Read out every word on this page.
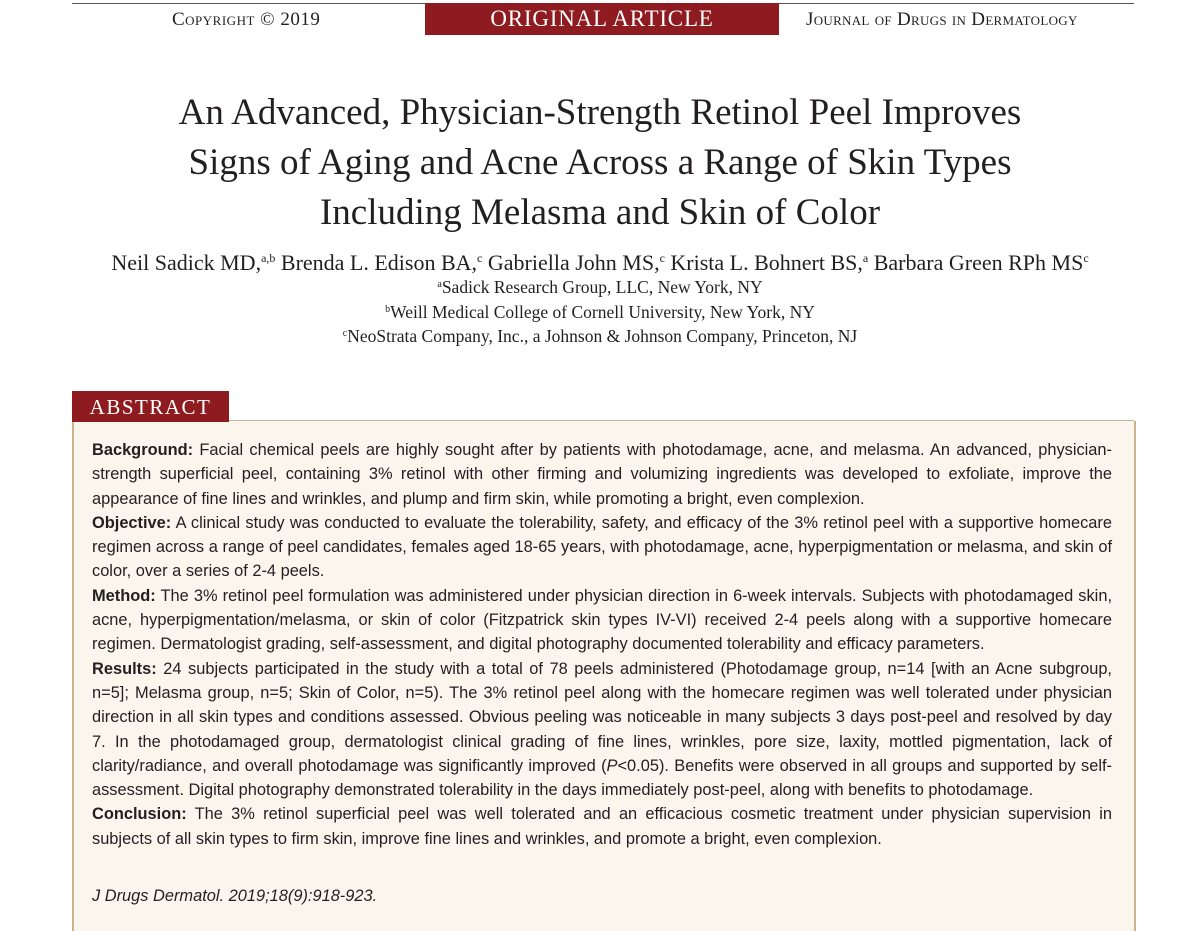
Copyright © 2019	ORIGINAL ARTICLE	Journal of Drugs in Dermatology
An Advanced, Physician-Strength Retinol Peel Improves
Signs of Aging and Acne Across a Range of Skin Types
Including Melasma and Skin of Color
Neil Sadick MD,$^{a,b}$ Brenda L. Edison BA,$^c$ Gabriella John MS,$^c$ Krista L. Bohnert BS,$^a$ Barbara Green RPh $MS^c$
$^a$Sadick Research Group, LLC, New York, NY
$^b$Weill Medical College of Cornell University, New York, NY
$^c$NeoStrata Company, Inc., a Johnson & Johnson Company, Princeton, NJ
ABSTRACT

Background: Facial chemical peels are highly sought after by patients with photodamage, acne, and melasma. An advanced, physician-strength superficial peel, containing 3% retinol with other firming and volumizing ingredients was developed to exfoliate, improve the appearance of fine lines and wrinkles, and plump and firm skin, while promoting a bright, even complexion.

Objective: A clinical study was conducted to evaluate the tolerability, safety, and efficacy of the 3% retinol peel with a supportive homecare regimen across a range of peel candidates, females aged 18-65 years, with photodamage, acne, hyperpigmentation or melasma, and skin of color, over a series of 2-4 peels.

Method: The 3% retinol peel formulation was administered under physician direction in 6-week intervals. Subjects with photodamaged skin, acne, hyperpigmentation/melasma, or skin of color (Fitzpatrick skin types IV-VI) received 2-4 peels along with a supportive homecare regimen. Dermatologist grading, self-assessment, and digital photography documented tolerability and efficacy parameters.

Results: 24 subjects participated in the study with a total of 78 peels administered (Photodamage group, n=14 [with an Acne subgroup, n=5]; Melasma group, n=5; Skin of Color, n=5). The 3% retinol peel along with the homecare regimen was well tolerated under physician direction in all skin types and conditions assessed. Obvious peeling was noticeable in many subjects 3 days post-peel and resolved by day 7. In the photodamaged group, dermatologist clinical grading of fine lines, wrinkles, pore size, laxity, mottled pigmentation, lack of clarity/radiance, and overall photodamage was significantly improved (P<0.05). Benefits were observed in all groups and supported by self-assessment. Digital photography demonstrated tolerability in the days immediately post-peel, along with benefits to photodamage.

Conclusion: The 3% retinol superficial peel was well tolerated and an efficacious cosmetic treatment under physician supervision in subjects of all skin types to firm skin, improve fine lines and wrinkles, and promote a bright, even complexion.

J Drugs Dermatol. 2019;18(9):918-923.
